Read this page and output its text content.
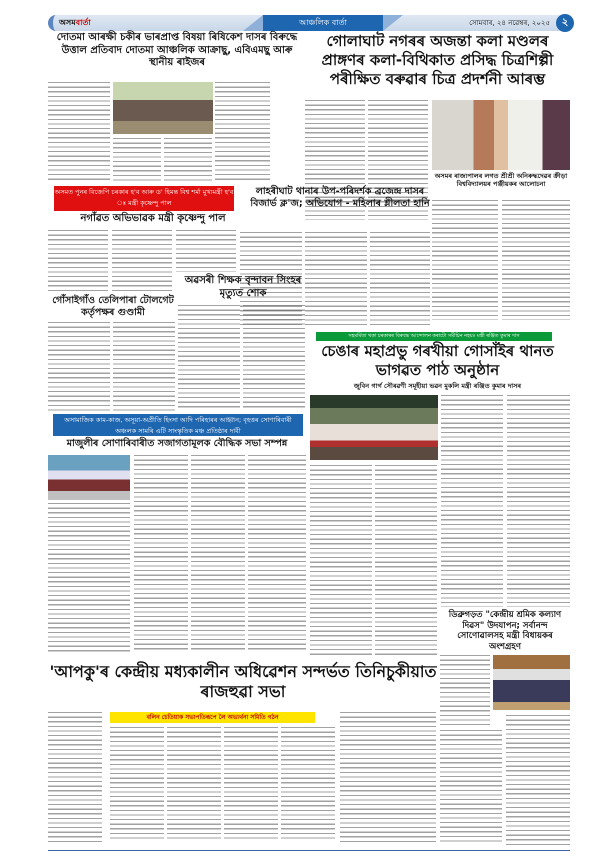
অসমবাৰ্তা	আঞ্চলিক বাৰ্তা	সোমবাৰ, ২৪ নৱেম্বৰ, ২০২৫	২
দোতমা আৰক্ষী চকীৰ ভাৰপ্ৰাপ্ত বিষয়া ৰিষিকেশ দাসৰ বিৰুদ্ধে উত্তাল প্ৰতিবাদ দোতমা আঞ্চলিক আক্ৰাছু, এবিএমছু আৰু স্থানীয় ৰাইজৰ
গোলাঘাট নগৰৰ অজন্তা কলা মণ্ডলৰ প্ৰাঙ্গণৰ কলা-বিথিকাত প্ৰসিদ্ধ চিত্ৰশিল্পী পৰীক্ষিত বৰুৱাৰ চিত্ৰ প্ৰদৰ্শনী আৰম্ভ
অসমৰ ৰাজ্যপালৰ লগত শ্ৰীশ্ৰী অনিৰুদ্ধদেৱৰ ক্ৰীড়া বিশ্ববিদ্যালয়ৰ পঞ্জীয়কৰ আলোচনা
অসমত পুনৰ বিজেপি চৰকাৰ হ'ব আৰু ড' হিমন্ত বিশ্ব শৰ্মা মুখ্যমন্ত্ৰী হ'ব ঃ মন্ত্ৰী কৃষ্ণেন্দু পাল
নগাঁৱত অভিভাৱক মন্ত্ৰী কৃষ্ণেন্দু পাল
লাহৰীঘাট থানাৰ উপ-পৰিদৰ্শক ব্ৰজেন্দ্ৰ দাসৰ বিজাৰ্ভ ক্ল'জ; অভিযোগ - মহিলাৰ শ্লীলতা হানি
গোঁসাইগাঁও তেলিপাৰা টোলগেট কৰ্তৃপক্ষৰ গুণ্ডামী
অৱসৰী শিক্ষক বৃন্দাবন সিংহৰ মৃত্যুত শোক
সহমৰ্মিতা থকা চৰকাৰৰ বিৰুদ্ধে আন্দোলন কৰাটো সমীচিন নহয়ঃ মন্ত্ৰী ৰঞ্জিত কুমাৰ দাস
চেঙাৰ মহাপ্ৰভু গৰখীয়া গোসাঁইৰ থানত ভাগৱত পাঠ অনুষ্ঠান
জুবিন গাৰ্গ সৌৰৱণী সমূহীয়া ভৱন মুকলি মন্ত্ৰী ৰঞ্জিত কুমাৰ দাসৰ
অসামাজিক কাম-কাজ, অসূয়া-অপ্ৰীতি হিংসা আদি পৰিহাৰৰ আহ্বান; বৃহত্তৰ সোণাৰিবাৰী অঞ্চলক সামৰি এটি সাংস্কৃতিক মঞ্চ প্ৰতিষ্ঠাৰ দাবী
মাজুলীৰ সোণাৰিবাৰীত সজাগতামূলক বৌদ্ধিক সভা সম্পন্ন
ডিব্ৰুগড়ত "কেন্দ্ৰীয় শ্ৰমিক কল্যাণ দিৱস" উদযাপন; সৰ্বানন্দ সোণোৱালসহ মন্ত্ৰী বিধায়কৰ অংশগ্ৰহণ
'আপকু'ৰ কেন্দ্ৰীয় মধ্যকালীন অধিৱেশন সন্দৰ্ভত তিনিচুকীয়াত ৰাজহুৱা সভা
বলিন চেতিয়াক সভাপতিৰূপে লৈ অভ্যৰ্থনা সমিতি গঠন
